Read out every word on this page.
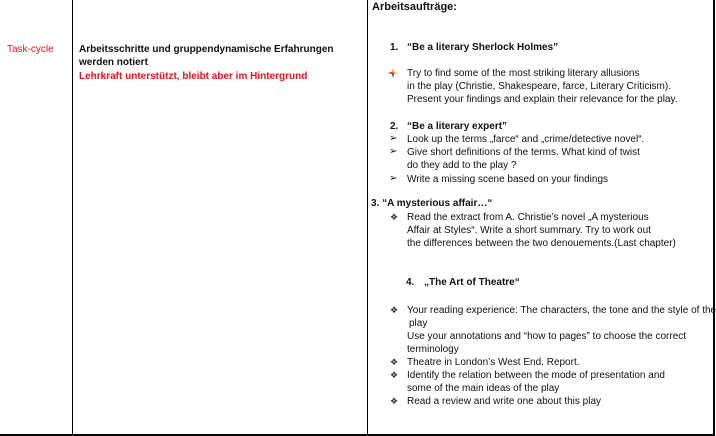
Task-cycle	Arbeitsschritte und gruppendynamische Erfahrungen
werden notiert
Lehrkraft unterstützt, bleibt aber im Hintergrund
Arbeitsaufträge:
1. “Be a literary Sherlock Holmes”
Try to find some of the most striking literary allusions
in the play (Christie, Shakespeare, farce, Literary Criticism).
Present your findings and explain their relevance for the play.
2. “Be a literary expert”
➢ Look up the terms „farce“ and „crime/detective novel“.
➢ Give short definitions of the terms. What kind of twist
do they add to the play ?
➢ Write a missing scene based on your findings
3. “A mysterious affair…“
❖ Read the extract from A. Christie’s novel „A mysterious
Affair at Styles“. Write a short summary. Try to work out
the differences between the two denouements.(Last chapter)
4. „The Art of Theatre“
❖ Your reading experience: The characters, the tone and the style of the
play
Use your annotations and “how to pages” to choose the correct
terminology
❖ Theatre in London’s West End. Report.
❖ Identify the relation between the mode of presentation and
some of the main ideas of the play
❖ Read a review and write one about this play
